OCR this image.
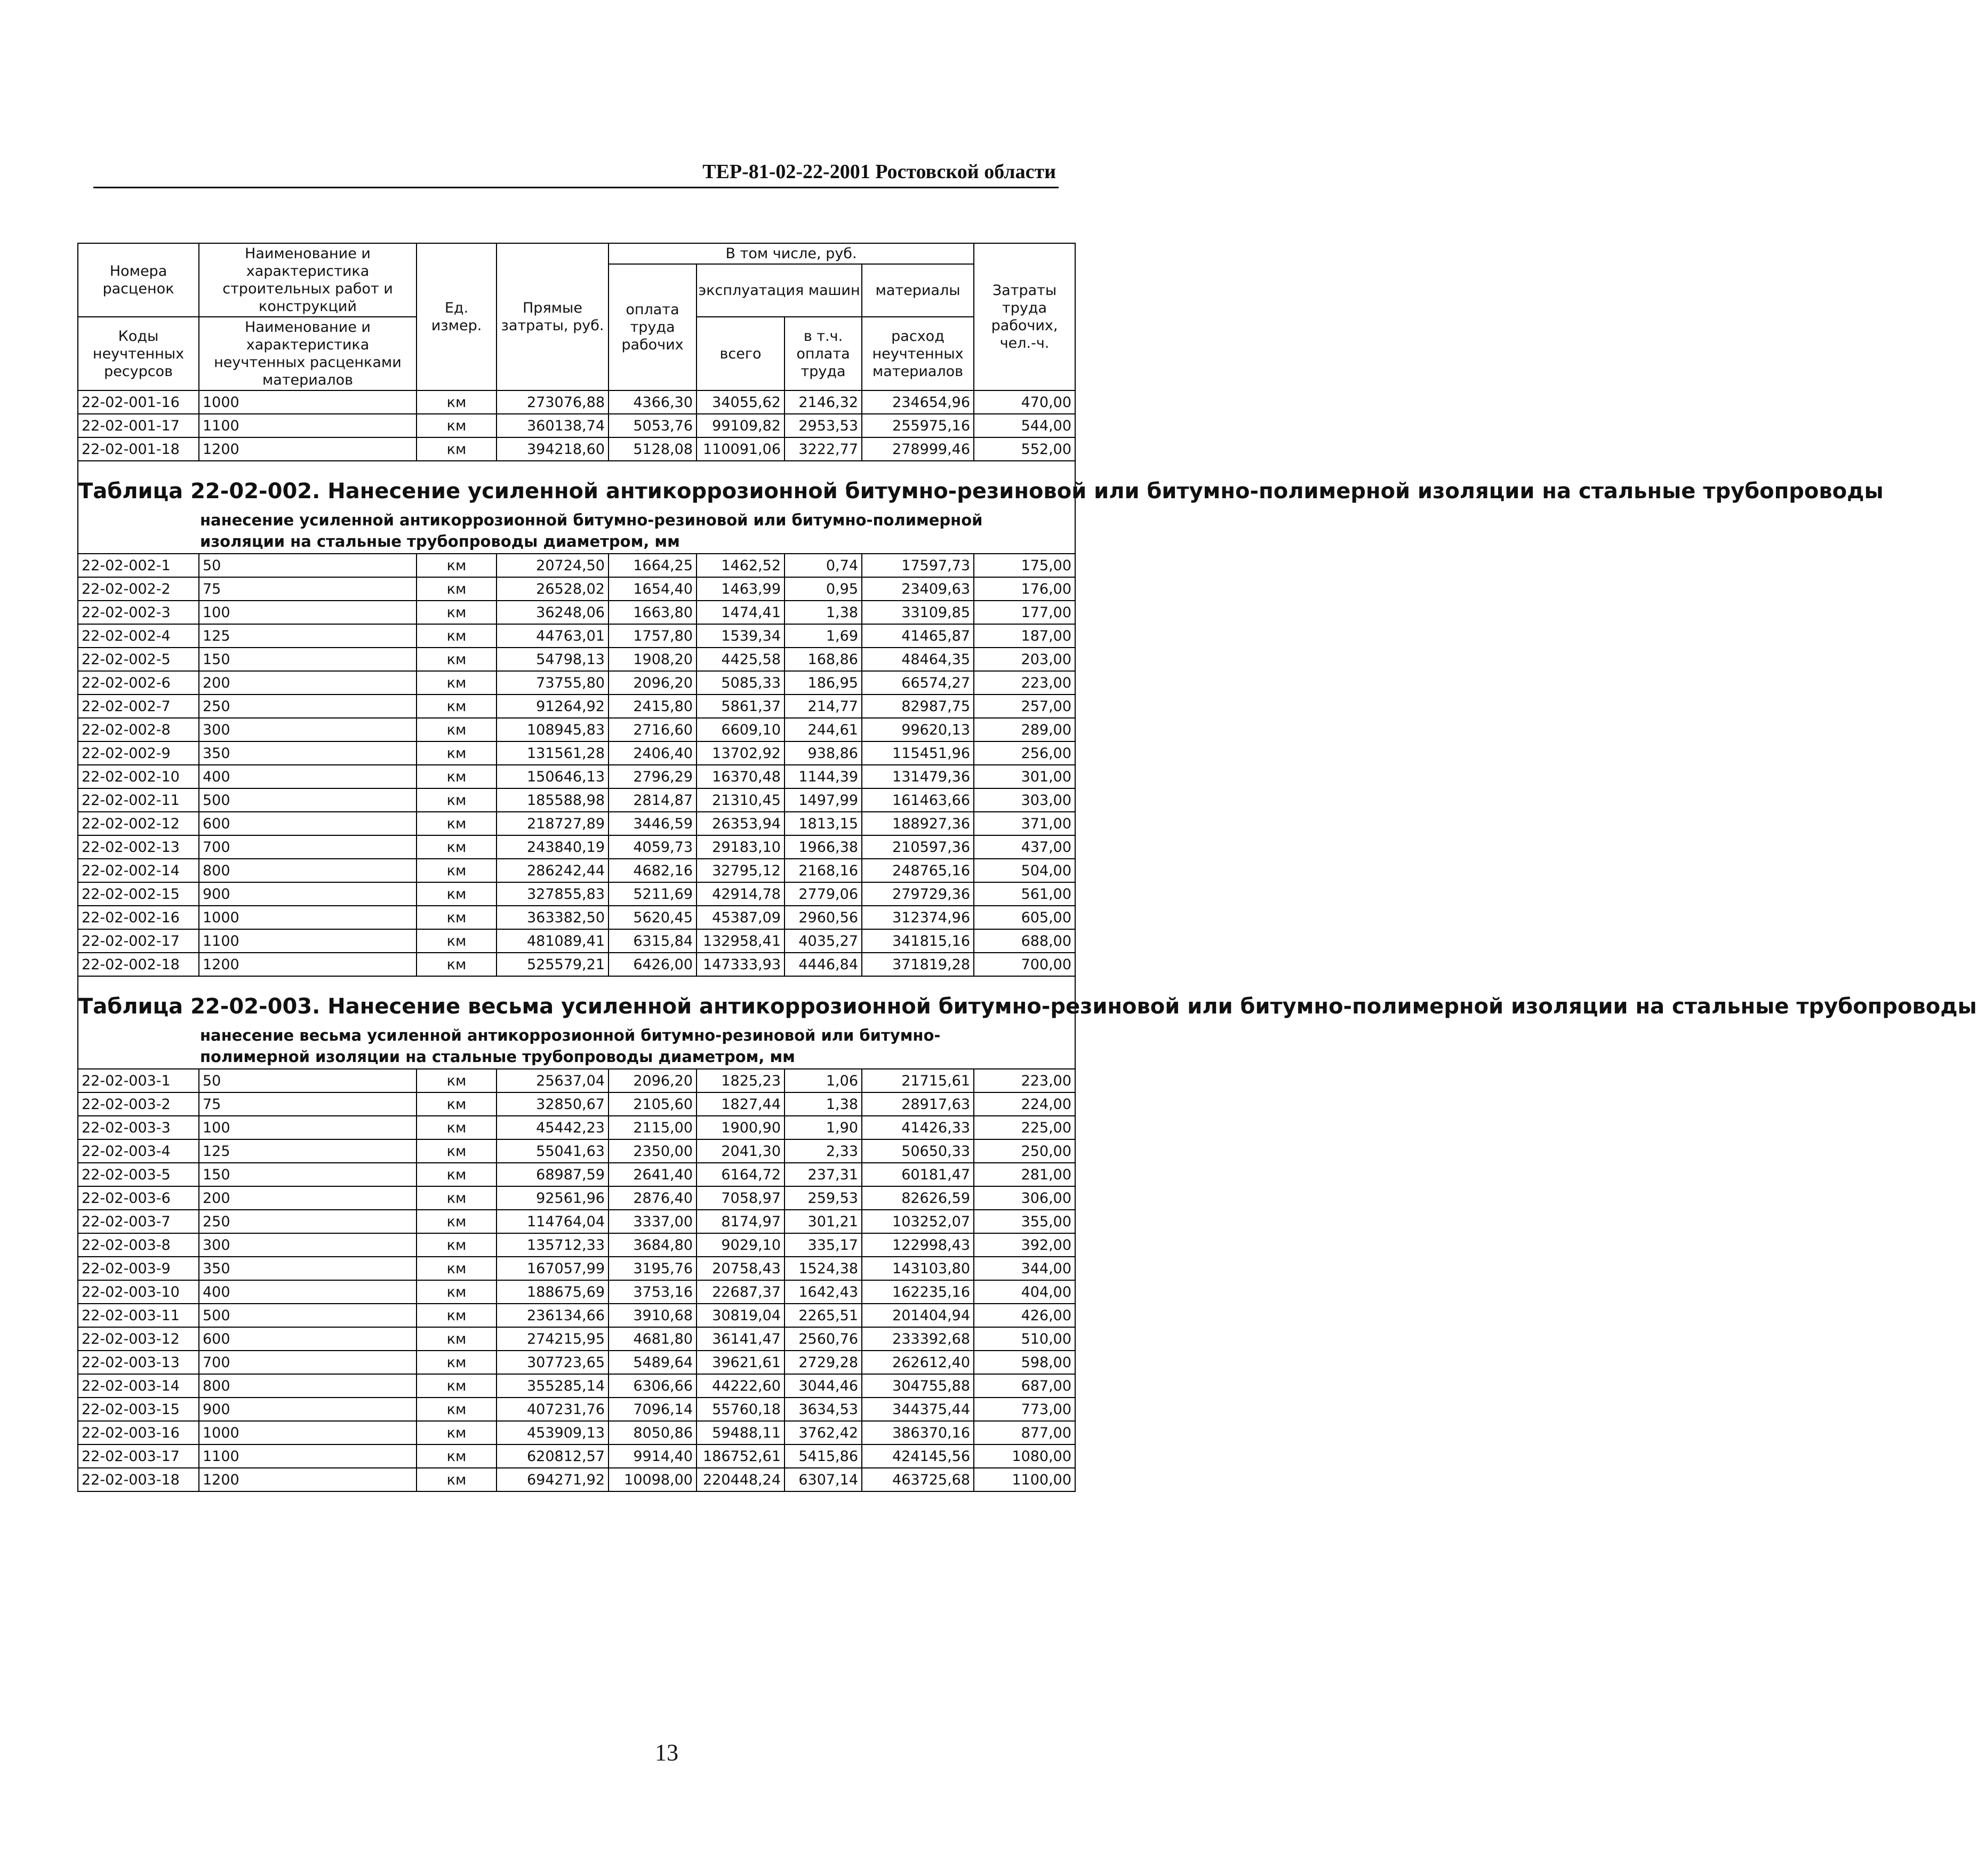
ТЕР-81-02-22-2001 Ростовской области
Номера расценок	Наименование и характеристика строительных работ и конструкций	Ед. измер.	Прямые затраты, руб.	В том числе, руб.				Затраты труда рабочих, чел.-ч.
				оплата труда рабочих	эксплуатация машин		материалы	
Коды неучтенных ресурсов	Наименование и характеристика неучтенных расценками материалов				всего	в т.ч. оплата труда	расход неучтенных материалов	

22-02-001-16	1000	км	273076,88	4366,30	34055,62	2146,32	234654,96	470,00
22-02-001-17	1100	км	360138,74	5053,76	99109,82	2953,53	255975,16	544,00
22-02-001-18	1200	км	394218,60	5128,08	110091,06	3222,77	278999,46	552,00

Таблица 22-02-002. Нанесение усиленной антикоррозионной битумно-резиновой или битумно-полимерной изоляции на стальные трубопроводы
нанесение усиленной антикоррозионной битумно-резиновой или битумно-полимерной изоляции на стальные трубопроводы диаметром, мм								

22-02-002-1	50	км	20724,50	1664,25	1462,52	0,74	17597,73	175,00
22-02-002-2	75	км	26528,02	1654,40	1463,99	0,95	23409,63	176,00
22-02-002-3	100	км	36248,06	1663,80	1474,41	1,38	33109,85	177,00
22-02-002-4	125	км	44763,01	1757,80	1539,34	1,69	41465,87	187,00
22-02-002-5	150	км	54798,13	1908,20	4425,58	168,86	48464,35	203,00
22-02-002-6	200	км	73755,80	2096,20	5085,33	186,95	66574,27	223,00
22-02-002-7	250	км	91264,92	2415,80	5861,37	214,77	82987,75	257,00
22-02-002-8	300	км	108945,83	2716,60	6609,10	244,61	99620,13	289,00
22-02-002-9	350	км	131561,28	2406,40	13702,92	938,86	115451,96	256,00
22-02-002-10	400	км	150646,13	2796,29	16370,48	1144,39	131479,36	301,00
22-02-002-11	500	км	185588,98	2814,87	21310,45	1497,99	161463,66	303,00
22-02-002-12	600	км	218727,89	3446,59	26353,94	1813,15	188927,36	371,00
22-02-002-13	700	км	243840,19	4059,73	29183,10	1966,38	210597,36	437,00
22-02-002-14	800	км	286242,44	4682,16	32795,12	2168,16	248765,16	504,00
22-02-002-15	900	км	327855,83	5211,69	42914,78	2779,06	279729,36	561,00
22-02-002-16	1000	км	363382,50	5620,45	45387,09	2960,56	312374,96	605,00
22-02-002-17	1100	км	481089,41	6315,84	132958,41	4035,27	341815,16	688,00
22-02-002-18	1200	км	525579,21	6426,00	147333,93	4446,84	371819,28	700,00

Таблица 22-02-003. Нанесение весьма усиленной антикоррозионной битумно-резиновой или битумно-полимерной изоляции на стальные трубопроводы
нанесение весьма усиленной антикоррозионной битумно-резиновой или битумно-полимерной изоляции на стальные трубопроводы диаметром, мм								

22-02-003-1	50	км	25637,04	2096,20	1825,23	1,06	21715,61	223,00
22-02-003-2	75	км	32850,67	2105,60	1827,44	1,38	28917,63	224,00
22-02-003-3	100	км	45442,23	2115,00	1900,90	1,90	41426,33	225,00
22-02-003-4	125	км	55041,63	2350,00	2041,30	2,33	50650,33	250,00
22-02-003-5	150	км	68987,59	2641,40	6164,72	237,31	60181,47	281,00
22-02-003-6	200	км	92561,96	2876,40	7058,97	259,53	82626,59	306,00
22-02-003-7	250	км	114764,04	3337,00	8174,97	301,21	103252,07	355,00
22-02-003-8	300	км	135712,33	3684,80	9029,10	335,17	122998,43	392,00
22-02-003-9	350	км	167057,99	3195,76	20758,43	1524,38	143103,80	344,00
22-02-003-10	400	км	188675,69	3753,16	22687,37	1642,43	162235,16	404,00
22-02-003-11	500	км	236134,66	3910,68	30819,04	2265,51	201404,94	426,00
22-02-003-12	600	км	274215,95	4681,80	36141,47	2560,76	233392,68	510,00
22-02-003-13	700	км	307723,65	5489,64	39621,61	2729,28	262612,40	598,00
22-02-003-14	800	км	355285,14	6306,66	44222,60	3044,46	304755,88	687,00
22-02-003-15	900	км	407231,76	7096,14	55760,18	3634,53	344375,44	773,00
22-02-003-16	1000	км	453909,13	8050,86	59488,11	3762,42	386370,16	877,00
22-02-003-17	1100	км	620812,57	9914,40	186752,61	5415,86	424145,56	1080,00
22-02-003-18	1200	км	694271,92	10098,00	220448,24	6307,14	463725,68	1100,00
13
